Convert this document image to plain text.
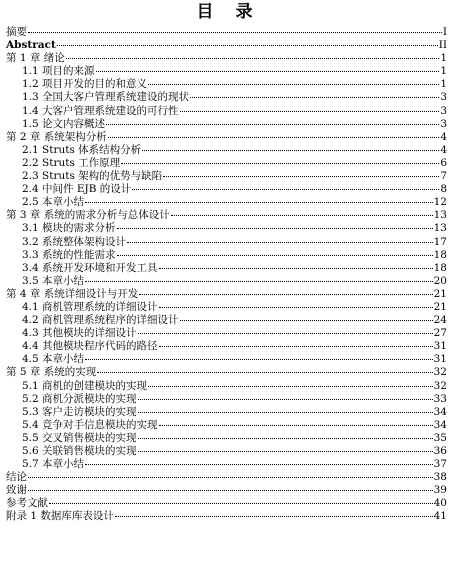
目 录
摘要	I
Abstract	II
第 1 章 绪论	1
1.1 项目的来源	1
1.2 项目开发的目的和意义	1
1.3 全国大客户管理系统建设的现状	3
1.4 大客户管理系统建设的可行性	3
1.5 论文内容概述	3
第 2 章 系统架构分析	4
2.1 Struts 体系结构分析	4
2.2 Struts 工作原理	6
2.3 Struts 架构的优势与缺陷	7
2.4 中间件 EJB 的设计	8
2.5 本章小结	12
第 3 章 系统的需求分析与总体设计	13
3.1 模块的需求分析	13
3.2 系统整体架构设计	17
3.3 系统的性能需求	18
3.4 系统开发环境和开发工具	18
3.5 本章小结	20
第 4 章 系统详细设计与开发	21
4.1 商机管理系统的详细设计	21
4.2 商机管理系统程序的详细设计	24
4.3 其他模块的详细设计	27
4.4 其他模块程序代码的路径	31
4.5 本章小结	31
第 5 章 系统的实现	32
5.1 商机的创建模块的实现	32
5.2 商机分派模块的实现	33
5.3 客户走访模块的实现	34
5.4 竞争对手信息模块的实现	34
5.5 交叉销售模块的实现	35
5.6 关联销售模块的实现	36
5.7 本章小结	37
结论	38
致谢	39
参考文献	40
附录 1 数据库库表设计	41
